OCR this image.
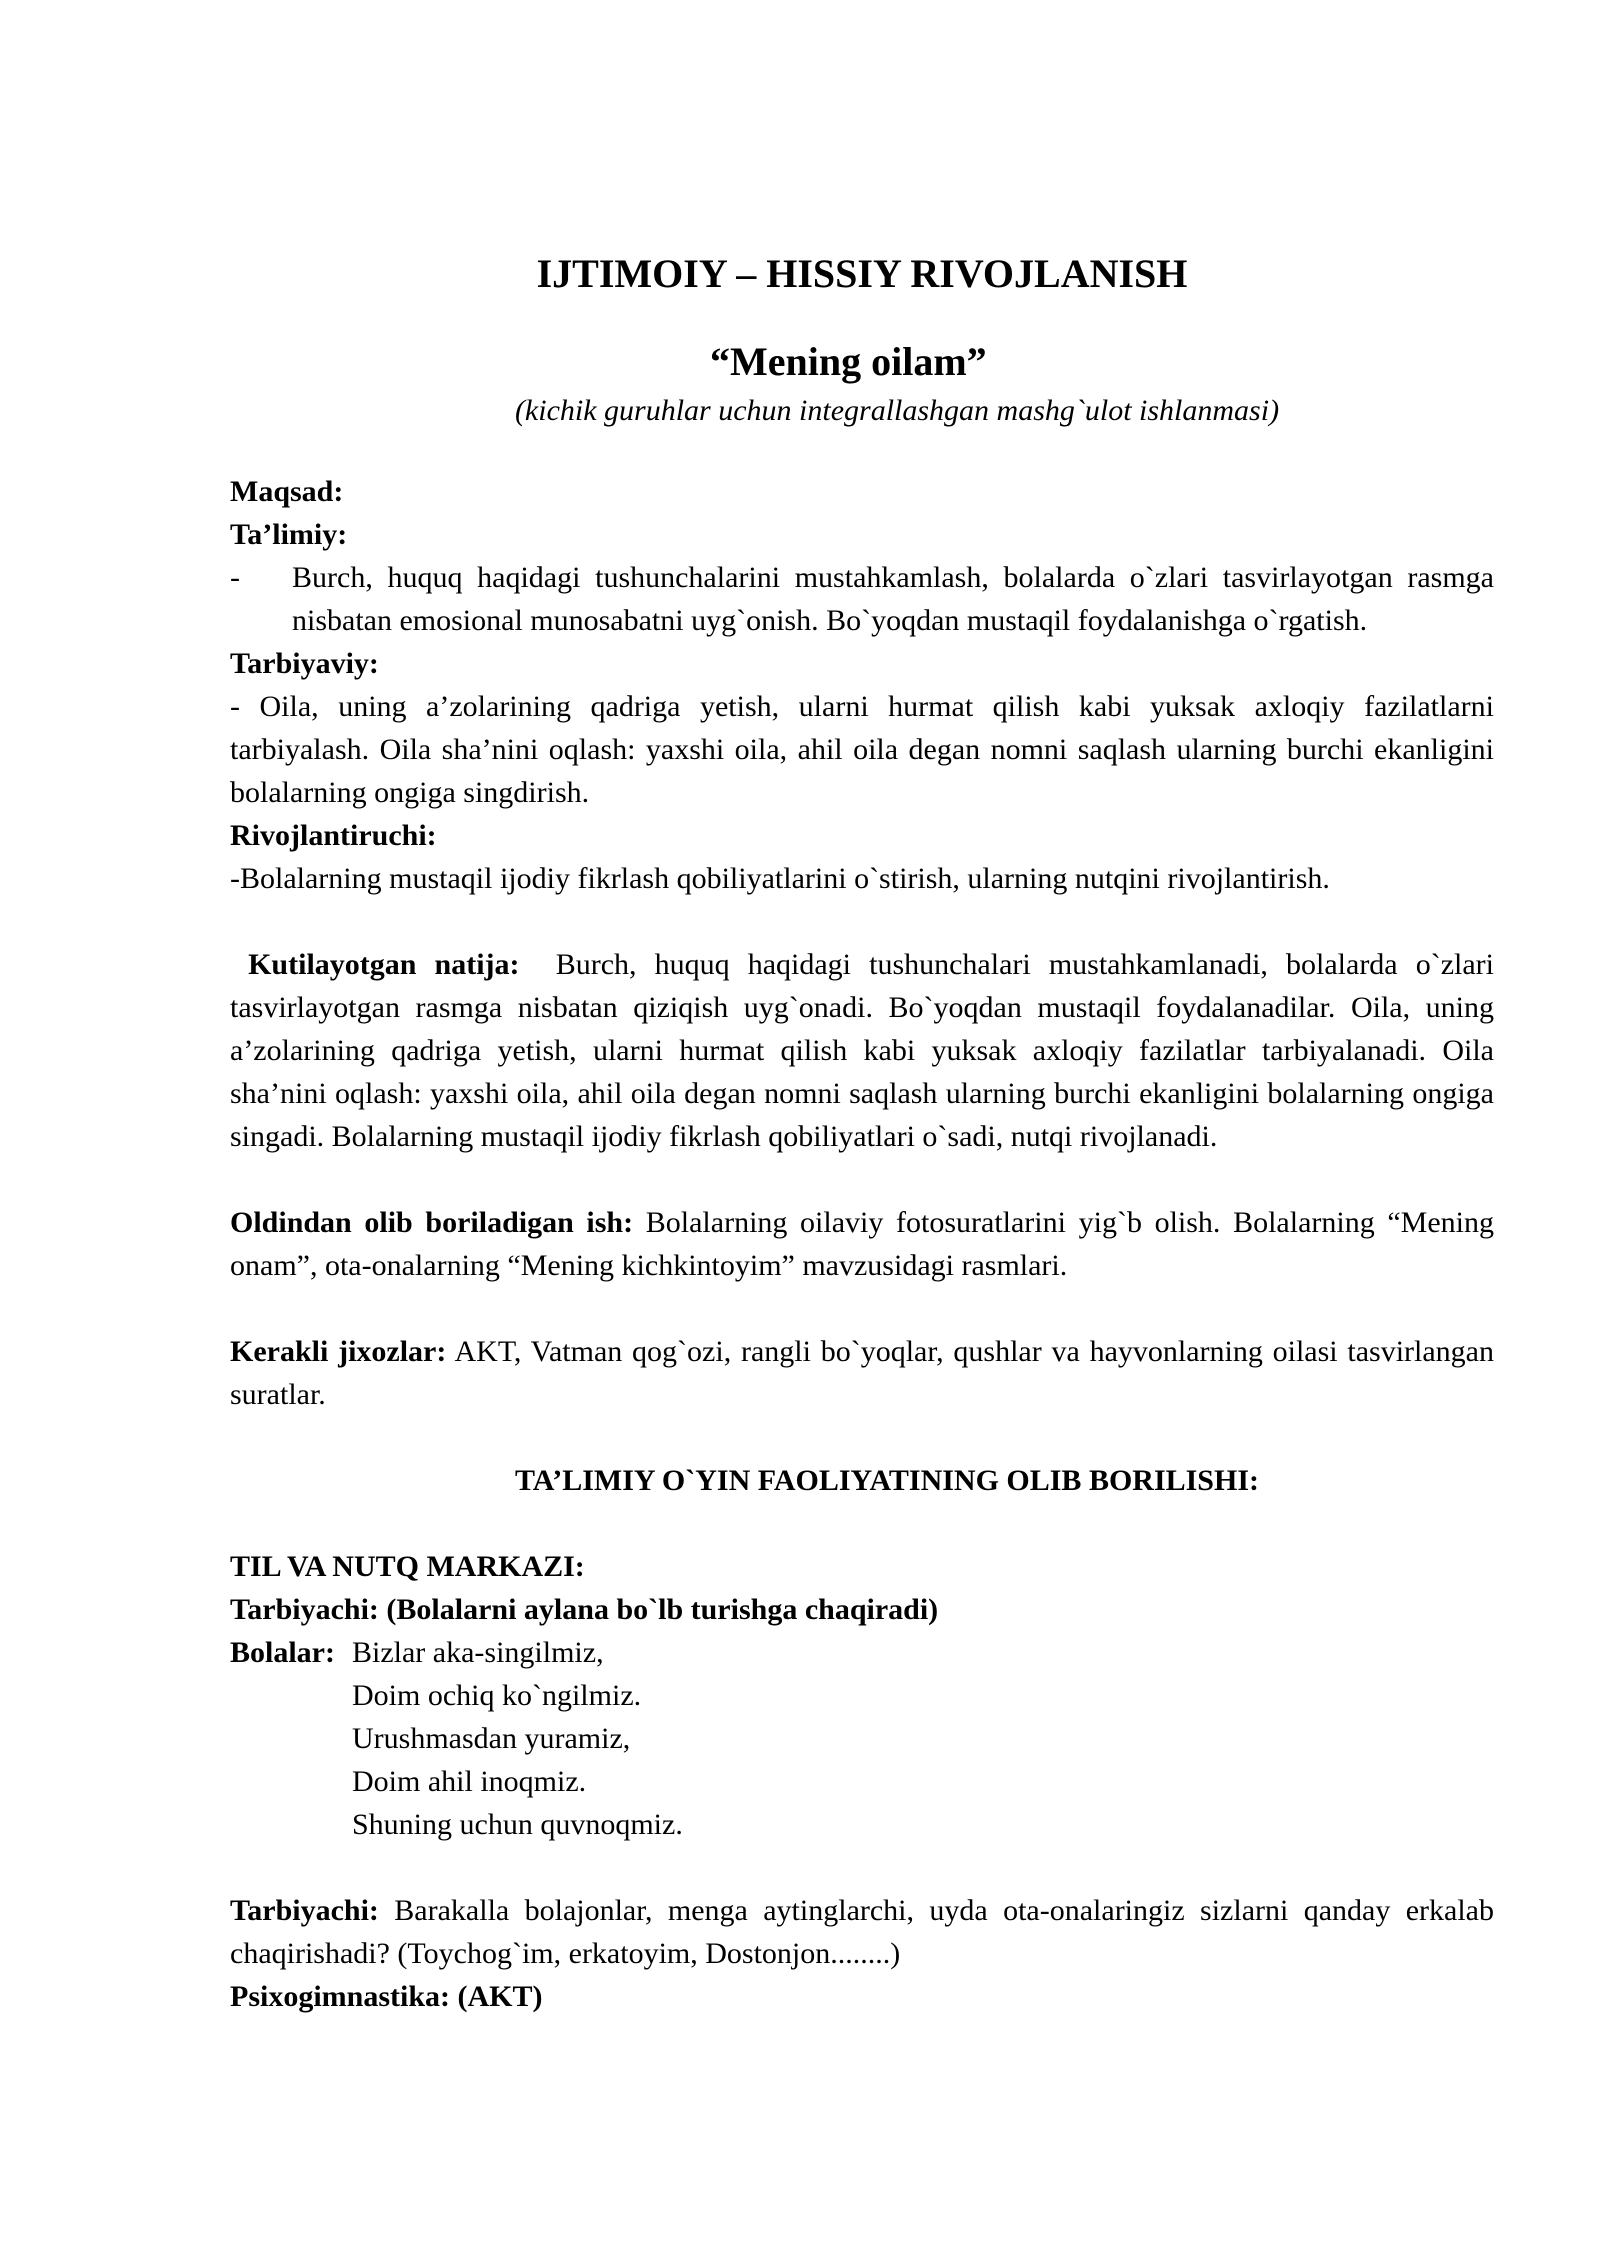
IJTIMOIY – HISSIY RIVOJLANISH
“Mening oilam”
(kichik guruhlar uchun integrallashgan mashg`ulot ishlanmasi)

Maqsad:

Ta’limiy:

-	Burch, huquq haqidagi tushunchalarini mustahkamlash, bolalarda o`zlari tasvirlayotgan rasmga nisbatan emosional munosabatni uyg`onish. Bo`yoqdan mustaqil foydalanishga o`rgatish.

Tarbiyaviy:

- Oila, uning a’zolarining qadriga yetish, ularni hurmat qilish kabi yuksak axloqiy fazilatlarni tarbiyalash. Oila sha’nini oqlash: yaxshi oila, ahil oila degan nomni saqlash ularning burchi ekanligini bolalarning ongiga singdirish.

Rivojlantiruchi:

-Bolalarning mustaqil ijodiy fikrlash qobiliyatlarini o`stirish, ularning nutqini rivojlantirish.

Kutilayotgan natija: Burch, huquq haqidagi tushunchalari mustahkamlanadi, bolalarda o`zlari tasvirlayotgan rasmga nisbatan qiziqish uyg`onadi. Bo`yoqdan mustaqil foydalanadilar. Oila, uning a’zolarining qadriga yetish, ularni hurmat qilish kabi yuksak axloqiy fazilatlar tarbiyalanadi. Oila sha’nini oqlash: yaxshi oila, ahil oila degan nomni saqlash ularning burchi ekanligini bolalarning ongiga singadi. Bolalarning mustaqil ijodiy fikrlash qobiliyatlari o`sadi, nutqi rivojlanadi.

Oldindan olib boriladigan ish: Bolalarning oilaviy fotosuratlarini yig`b olish. Bolalarning “Mening onam”, ota-onalarning “Mening kichkintoyim” mavzusidagi rasmlari.

Kerakli jixozlar: AKT, Vatman qog`ozi, rangli bo`yoqlar, qushlar va hayvonlarning oilasi tasvirlangan suratlar.

TA’LIMIY O`YIN FAOLIYATINING OLIB BORILISHI:

TIL VA NUTQ MARKAZI:

Tarbiyachi: (Bolalarni aylana bo`lb turishga chaqiradi)

Bolalar: Bizlar aka-singilmiz,
Doim ochiq ko`ngilmiz.
Urushmasdan yuramiz,
Doim ahil inoqmiz.
Shuning uchun quvnoqmiz.

Tarbiyachi: Barakalla bolajonlar, menga aytinglarchi, uyda ota-onalaringiz sizlarni qanday erkalab chaqirishadi? (Toychog`im, erkatoyim, Dostonjon........)

Psixogimnastika: (AKT)
